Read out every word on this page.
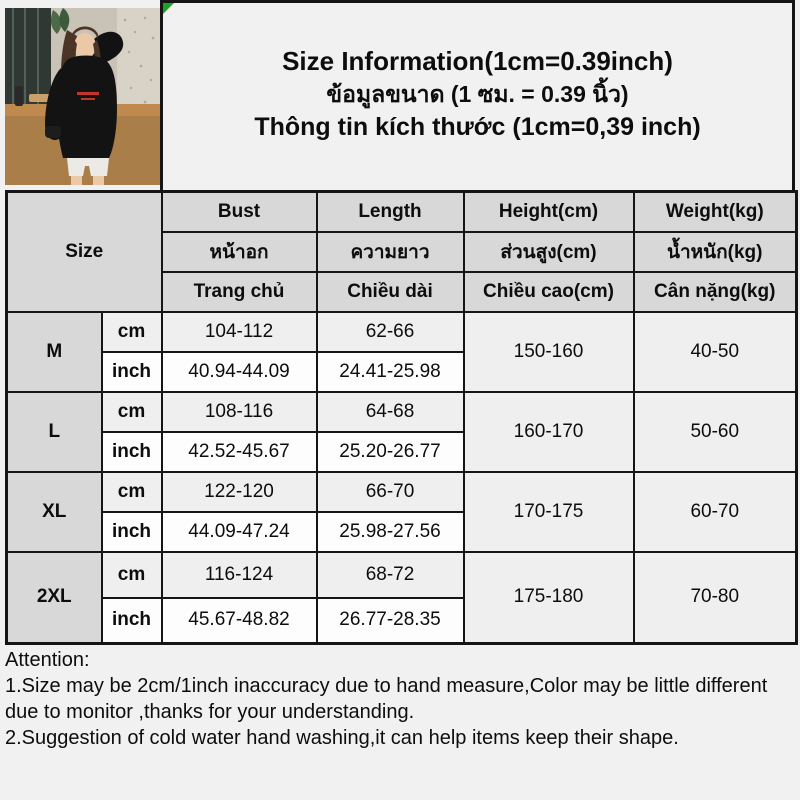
Size Information(1cm=0.39inch)
ข้อมูลขนาด (1 ซม. = 0.39 นิ้ว)
Thông tin kích thước (1cm=0,39 inch)
Size		Bust	Length	Height(cm)	Weight(kg)
		หน้าอก	ความยาว	ส่วนสูง(cm)	น้ำหนัก(kg)
		Trang chủ	Chiều dài	Chiều cao(cm)	Cân nặng(kg)
M	cm	104-112	62-66	150-160	40-50
	inch	40.94-44.09	24.41-25.98		
L	cm	108-116	64-68	160-170	50-60
	inch	42.52-45.67	25.20-26.77		
XL	cm	122-120	66-70	170-175	60-70
	inch	44.09-47.24	25.98-27.56		
2XL	cm	116-124	68-72	175-180	70-80
	inch	45.67-48.82	26.77-28.35		
Attention:
1.Size may be 2cm/1inch inaccuracy due to hand measure,Color may be little different due to monitor ,thanks for your understanding.
2.Suggestion of cold water hand washing,it can help items keep their shape.
